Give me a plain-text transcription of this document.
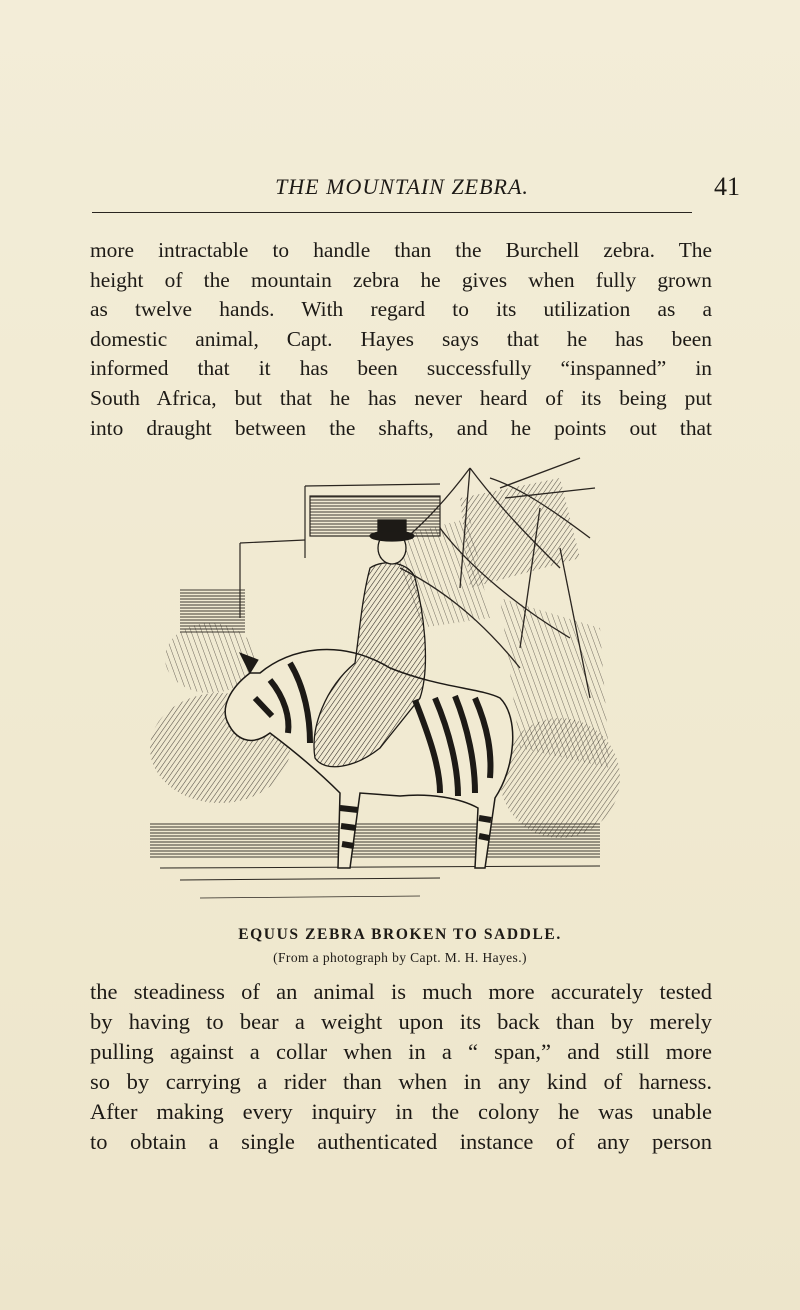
THE MOUNTAIN ZEBRA.	41

more intractable to handle than the Burchell zebra. The
height of the mountain zebra he gives when fully grown
as twelve hands. With regard to its utilization as a
domestic animal, Capt. Hayes says that he has been
informed that it has been successfully “inspanned” in
South Africa, but that he has never heard of its being put
into draught between the shafts, and he points out that

EQUUS ZEBRA BROKEN TO SADDLE.
(From a photograph by Capt. M. H. Hayes.)

the steadiness of an animal is much more accurately tested
by having to bear a weight upon its back than by merely
pulling against a collar when in a “ span,” and still more
so by carrying a rider than when in any kind of harness.
After making every inquiry in the colony he was unable
to obtain a single authenticated instance of any person
